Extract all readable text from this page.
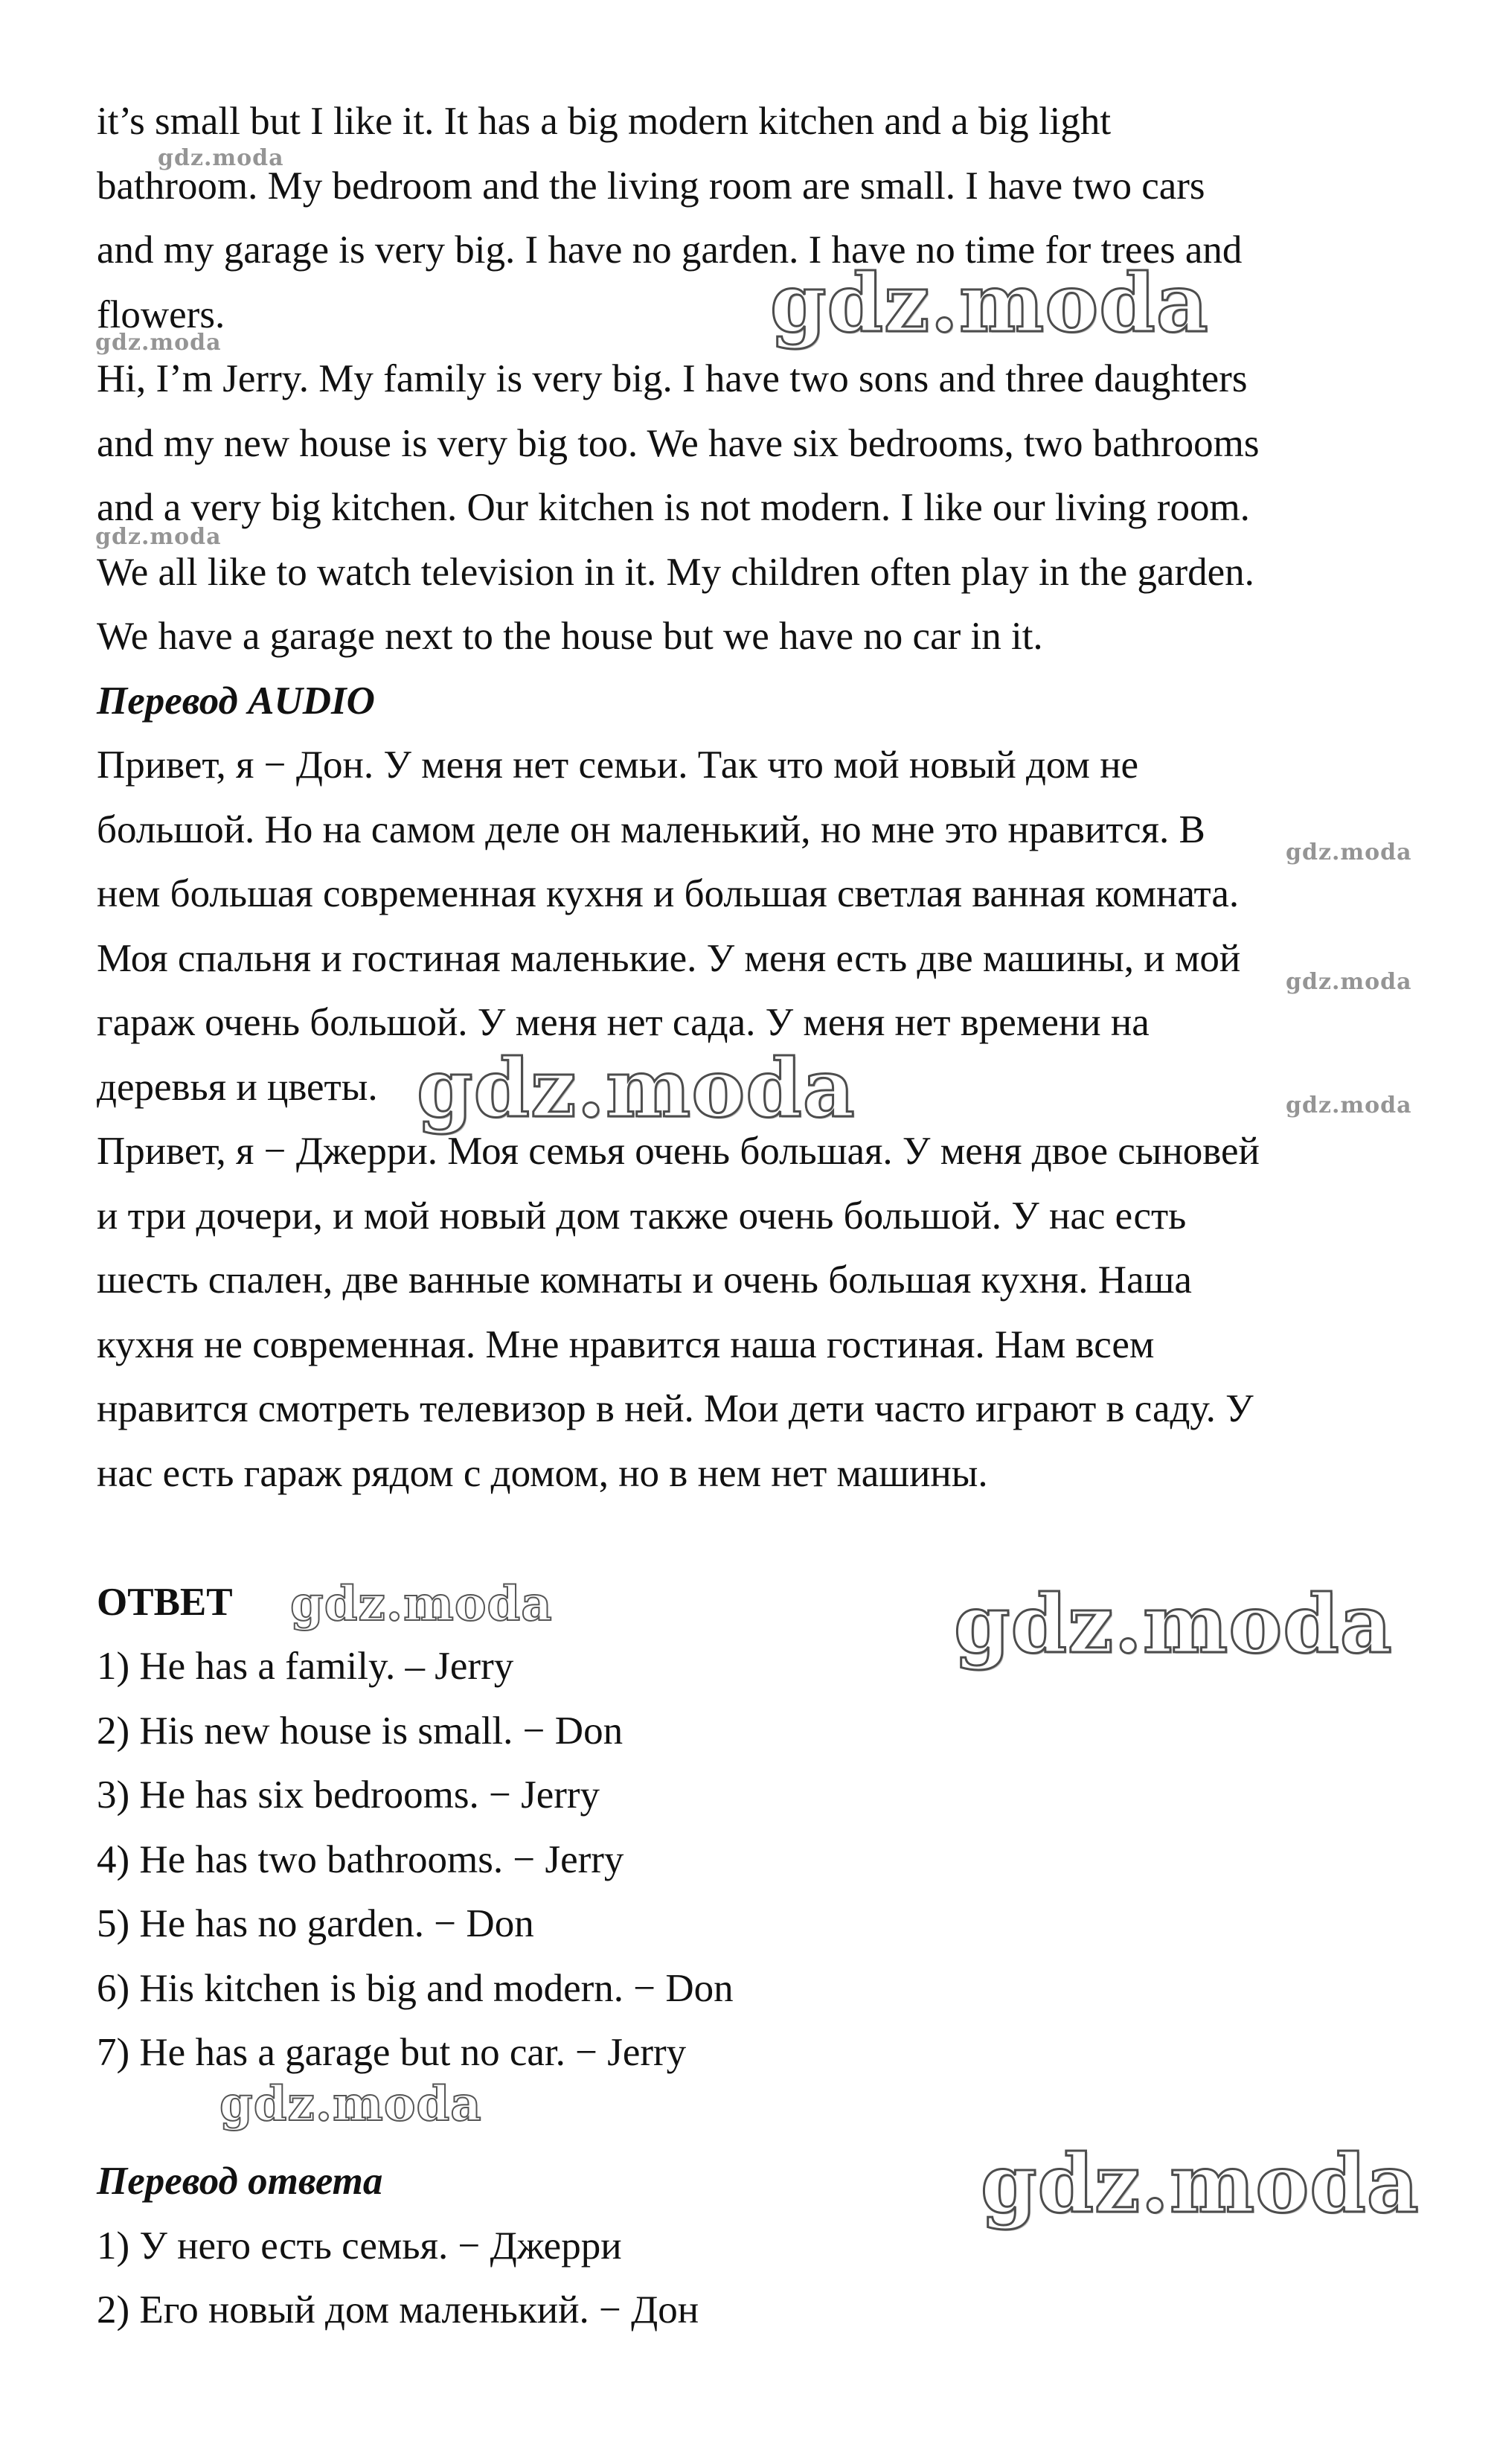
it’s small but I like it. It has a big modern kitchen and a big light

bathroom. My bedroom and the living room are small. I have two cars

and my garage is very big. I have no garden. I have no time for trees and

flowers.

Hi, I’m Jerry. My family is very big. I have two sons and three daughters

and my new house is very big too. We have six bedrooms, two bathrooms

and a very big kitchen. Our kitchen is not modern. I like our living room.

We all like to watch television in it. My children often play in the garden.

We have a garage next to the house but we have no car in it.

Перевод AUDIO

Привет, я − Дон. У меня нет семьи. Так что мой новый дом не

большой. Но на самом деле он маленький, но мне это нравится. В

нем большая современная кухня и большая светлая ванная комната.

Моя спальня и гостиная маленькие. У меня есть две машины, и мой

гараж очень большой. У меня нет сада. У меня нет времени на

деревья и цветы.

Привет, я − Джерри. Моя семья очень большая. У меня двое сыновей

и три дочери, и мой новый дом также очень большой. У нас есть

шесть спален, две ванные комнаты и очень большая кухня. Наша

кухня не современная. Мне нравится наша гостиная. Нам всем

нравится смотреть телевизор в ней. Мои дети часто играют в саду. У

нас есть гараж рядом с домом, но в нем нет машины.

ОТВЕТ

1) He has a family. – Jerry

2) His new house is small. − Don

3) He has six bedrooms. − Jerry

4) He has two bathrooms. − Jerry

5) He has no garden. − Don

6) His kitchen is big and modern. − Don

7) He has a garage but no car. − Jerry

Перевод ответа

1) У него есть семья. − Джерри

2) Его новый дом маленький. − Дон

gdz.moda
gdz.moda
gdz.moda
gdz.moda
gdz.moda
gdz.moda
gdz.moda	gdz.moda
gdz.moda	gdz.moda
gdz.moda
gdz.moda
